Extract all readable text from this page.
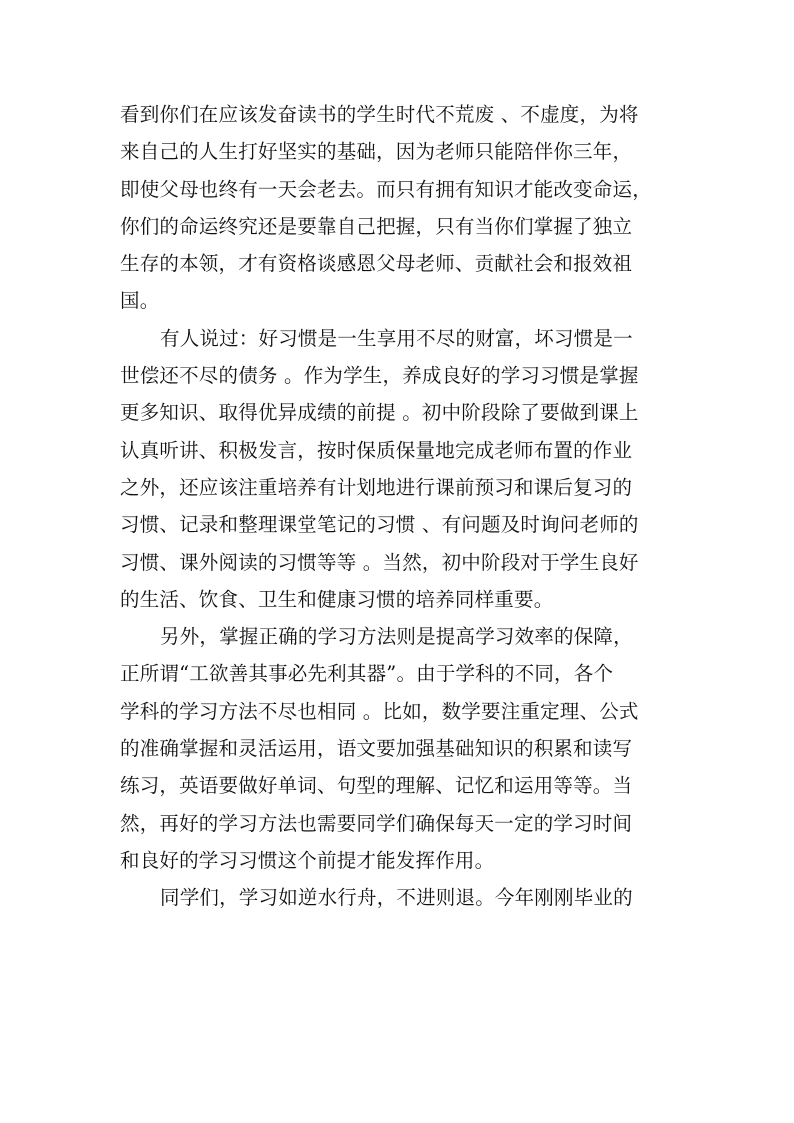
看到你们在应该发奋读书的学生时代不荒废 、不虚度，为将
来自己的人生打好坚实的基础，因为老师只能陪伴你三年，
即使父母也终有一天会老去。而只有拥有知识才能改变命运，
你们的命运终究还是要靠自己把握，只有当你们掌握了独立
生存的本领，才有资格谈感恩父母老师、贡献社会和报效祖
国。
有人说过：好习惯是一生享用不尽的财富，坏习惯是一
世偿还不尽的债务 。作为学生，养成良好的学习习惯是掌握
更多知识、取得优异成绩的前提 。初中阶段除了要做到课上
认真听讲、积极发言，按时保质保量地完成老师布置的作业
之外，还应该注重培养有计划地进行课前预习和课后复习的
习惯、记录和整理课堂笔记的习惯 、有问题及时询问老师的
习惯、课外阅读的习惯等等 。当然，初中阶段对于学生良好
的生活、饮食、卫生和健康习惯的培养同样重要。
另外，掌握正确的学习方法则是提高学习效率的保障，
正所谓“工欲善其事必先利其器”。由于学科的不同，各个
学科的学习方法不尽也相同 。比如，数学要注重定理、公式
的准确掌握和灵活运用，语文要加强基础知识的积累和读写
练习，英语要做好单词、句型的理解、记忆和运用等等。当
然，再好的学习方法也需要同学们确保每天一定的学习时间
和良好的学习习惯这个前提才能发挥作用。
同学们，学习如逆水行舟，不进则退。今年刚刚毕业的
